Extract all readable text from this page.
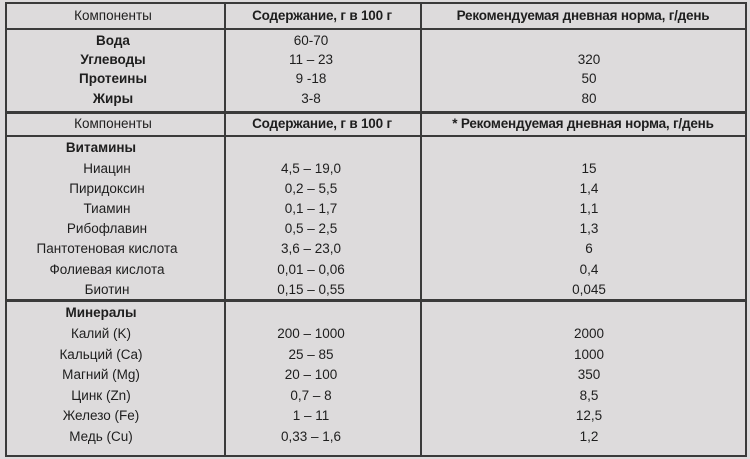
Компоненты	Содержание, г в 100 г	Рекомендуемая дневная норма, г/день
Вода	60-70
Углеводы	11 – 23	320
Протеины	9 -18	50
Жиры	3-8	80
Компоненты	Содержание, г в 100 г	* Рекомендуемая дневная норма, г/день
Витамины
Ниацин	4,5 – 19,0	15
Пиридоксин	0,2 – 5,5	1,4
Тиамин	0,1 – 1,7	1,1
Рибофлавин	0,5 – 2,5	1,3
Пантотеновая кислота	3,6 – 23,0	6
Фолиевая кислота	0,01 – 0,06	0,4
Биотин	0,15 – 0,55	0,045
Минералы
Калий (K)	200 – 1000	2000
Кальций (Ca)	25 – 85	1000
Магний (Mg)	20 – 100	350
Цинк (Zn)	0,7 – 8	8,5
Железо (Fe)	1 – 11	12,5
Медь (Cu)	0,33 – 1,6	1,2
